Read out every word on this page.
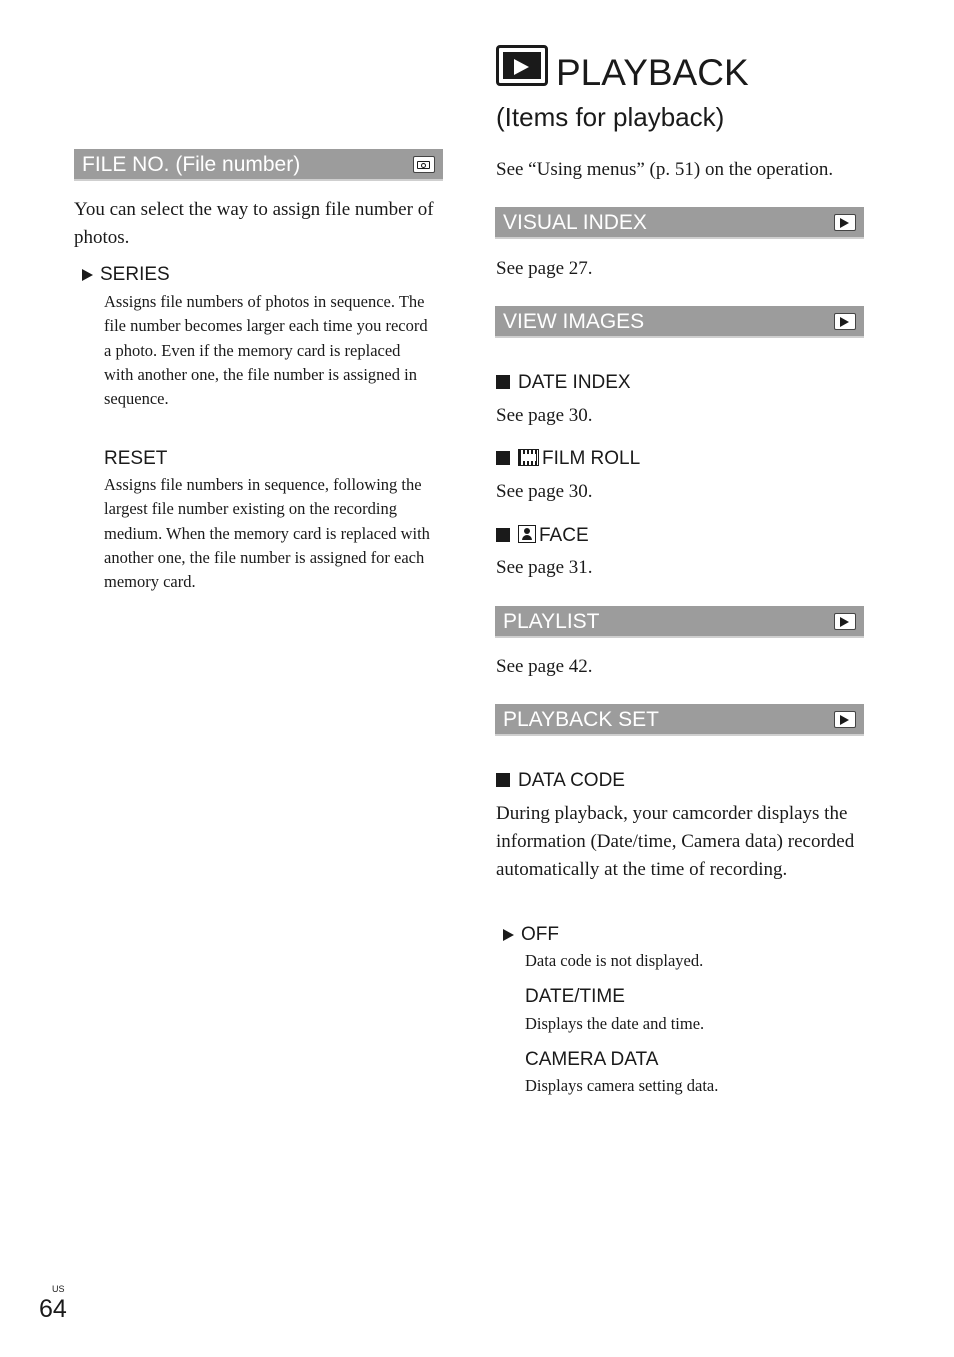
PLAYBACK
(Items for playback)
See “Using menus” (p. 51) on the operation.
FILE NO. (File number)
You can select the way to assign file number of photos.
SERIES
Assigns file numbers of photos in sequence. The file number becomes larger each time you record a photo. Even if the memory card is replaced with another one, the file number is assigned in sequence.
RESET
Assigns file numbers in sequence, following the largest file number existing on the recording medium. When the memory card is replaced with another one, the file number is assigned for each memory card.
VISUAL INDEX
See page 27.
VIEW IMAGES
DATE INDEX
See page 30.
FILM ROLL
See page 30.
FACE
See page 31.
PLAYLIST
See page 42.
PLAYBACK SET
DATA CODE
During playback, your camcorder displays the information (Date/time, Camera data) recorded automatically at the time of recording.
OFF
Data code is not displayed.
DATE/TIME
Displays the date and time.
CAMERA DATA
Displays camera setting data.
US
64
